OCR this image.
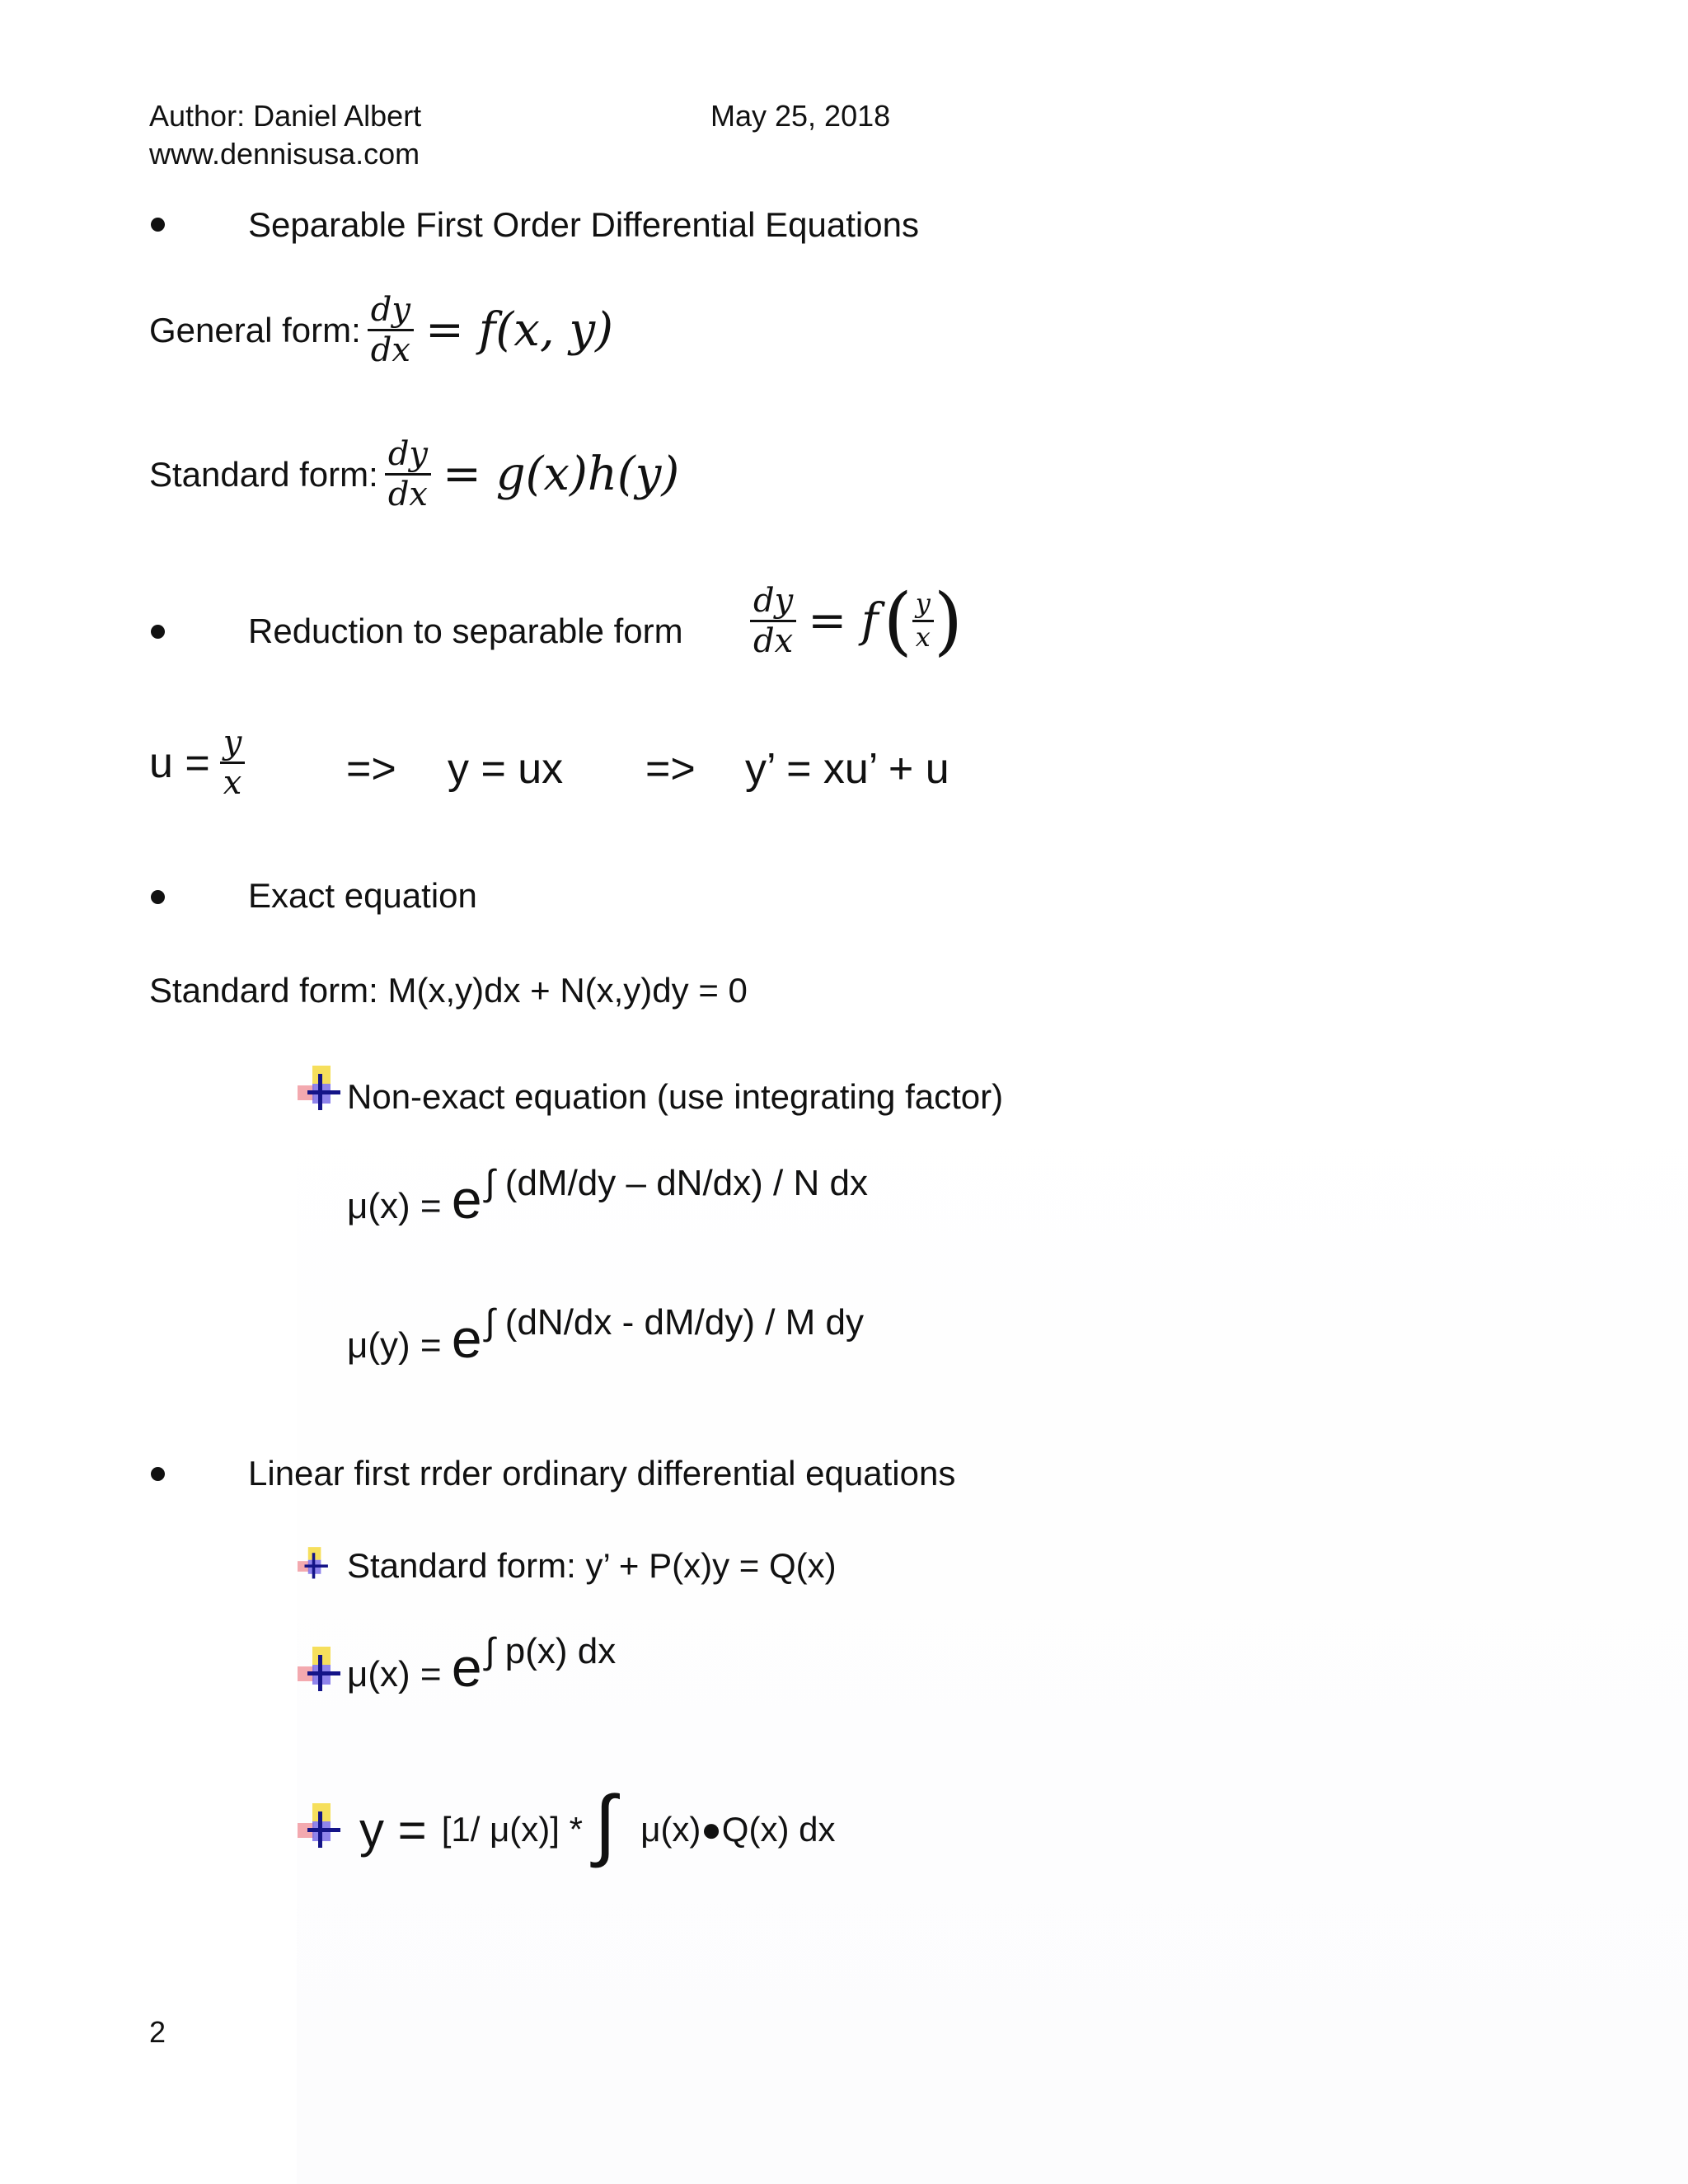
Author: Daniel Albert	May 25, 2018
www.dennisusa.com
Separable First Order Differential Equations
General form: $\frac{dy}{dx} = f(x$, y)
Standard form: $\frac{dy}{dx} = g(x)h(y)$
Reduction to separable form $\frac{dy}{dx} = f$ ( $\frac{y}{x}$ )
$u = \frac{y}{x} => y$ = ux => y’ = xu’ + u
Exact equation
Standard form: M(x,y)dx + N(x,y)dy = 0
Non-exact equation (use integrating factor)
μ(x) = e∫ (dM/dy – dN/dx) / N dx
μ(y) = e∫ (dN/dx - dM/dy) / M dy
Linear first rrder ordinary differential equations
Standard form: y’ + P(x)y = Q(x)
μ(x) = e∫ p(x) dx
y = [1/ μ(x)] * ∫ μ(x)●Q(x) dx
2
